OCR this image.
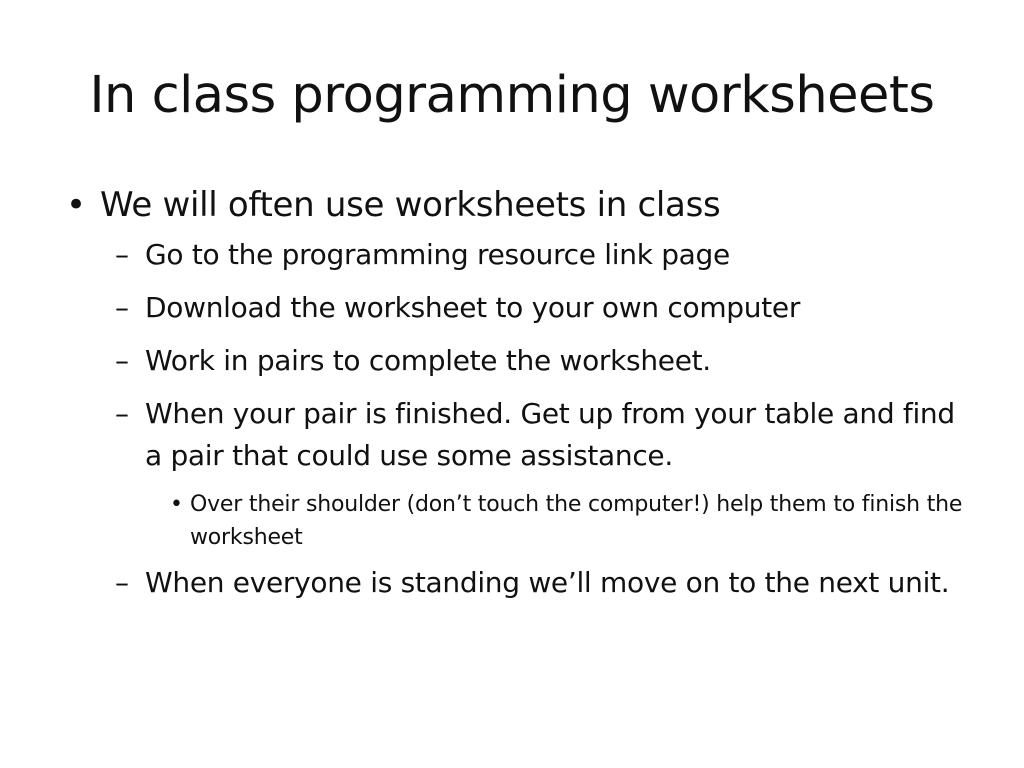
In class programming worksheets
• We will often use worksheets in class
– Go to the programming resource link page
– Download the worksheet to your own computer
– Work in pairs to complete the worksheet.
– When your pair is finished. Get up from your table and find a pair that could use some assistance.
• Over their shoulder (don’t touch the computer!) help them to finish the worksheet
– When everyone is standing we’ll move on to the next unit.
